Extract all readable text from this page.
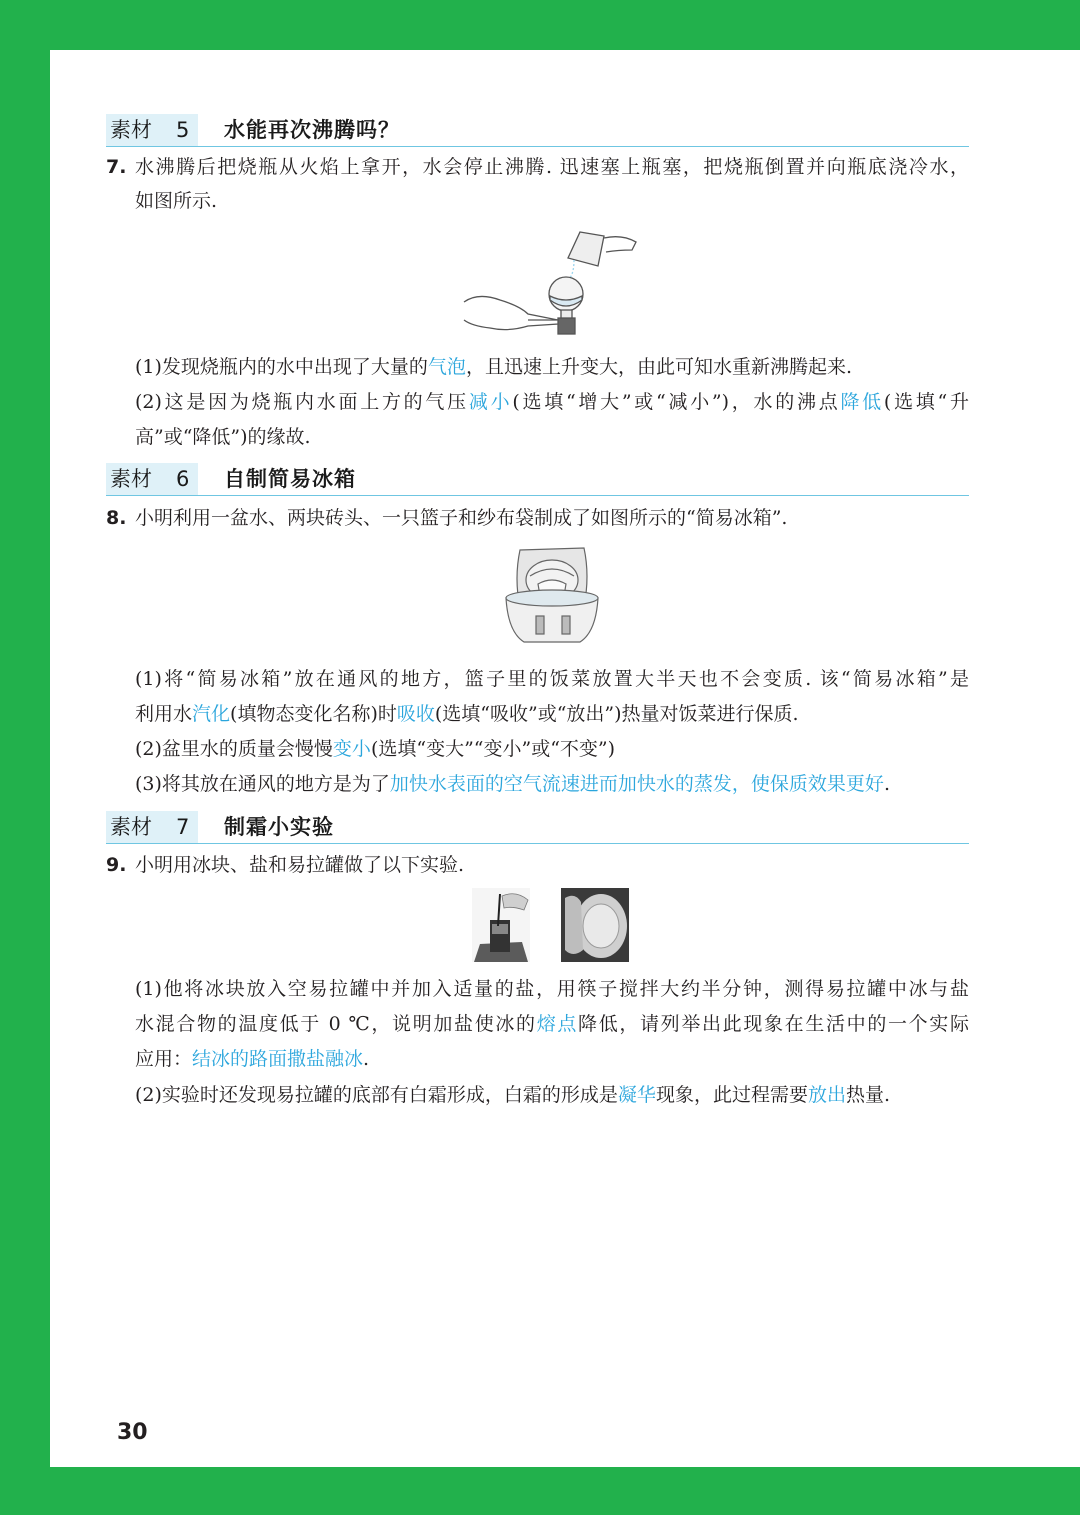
素材 5 水能再次沸腾吗？
7. 水沸腾后把烧瓶从火焰上拿开，水会停止沸腾. 迅速塞上瓶塞，把烧瓶倒置并向瓶底浇冷水，
如图所示.
(1)发现烧瓶内的水中出现了大量的气泡，且迅速上升变大，由此可知水重新沸腾起来.
(2)这是因为烧瓶内水面上方的气压减小(选填“增大”或“减小”)，水的沸点降低(选填“升
高”或“降低”)的缘故.
素材 6 自制简易冰箱
8. 小明利用一盆水、两块砖头、一只篮子和纱布袋制成了如图所示的“简易冰箱”.
(1)将“简易冰箱”放在通风的地方，篮子里的饭菜放置大半天也不会变质. 该“简易冰箱”是
利用水汽化(填物态变化名称)时吸收(选填“吸收”或“放出”)热量对饭菜进行保质.
(2)盆里水的质量会慢慢变小(选填“变大”“变小”或“不变”)
(3)将其放在通风的地方是为了加快水表面的空气流速进而加快水的蒸发，使保质效果更好.
素材 7 制霜小实验
9. 小明用冰块、盐和易拉罐做了以下实验.
(1)他将冰块放入空易拉罐中并加入适量的盐，用筷子搅拌大约半分钟，测得易拉罐中冰与盐
水混合物的温度低于 0 ℃，说明加盐使冰的熔点降低，请列举出此现象在生活中的一个实际
应用：结冰的路面撒盐融冰.
(2)实验时还发现易拉罐的底部有白霜形成，白霜的形成是凝华现象，此过程需要放出热量.
30
